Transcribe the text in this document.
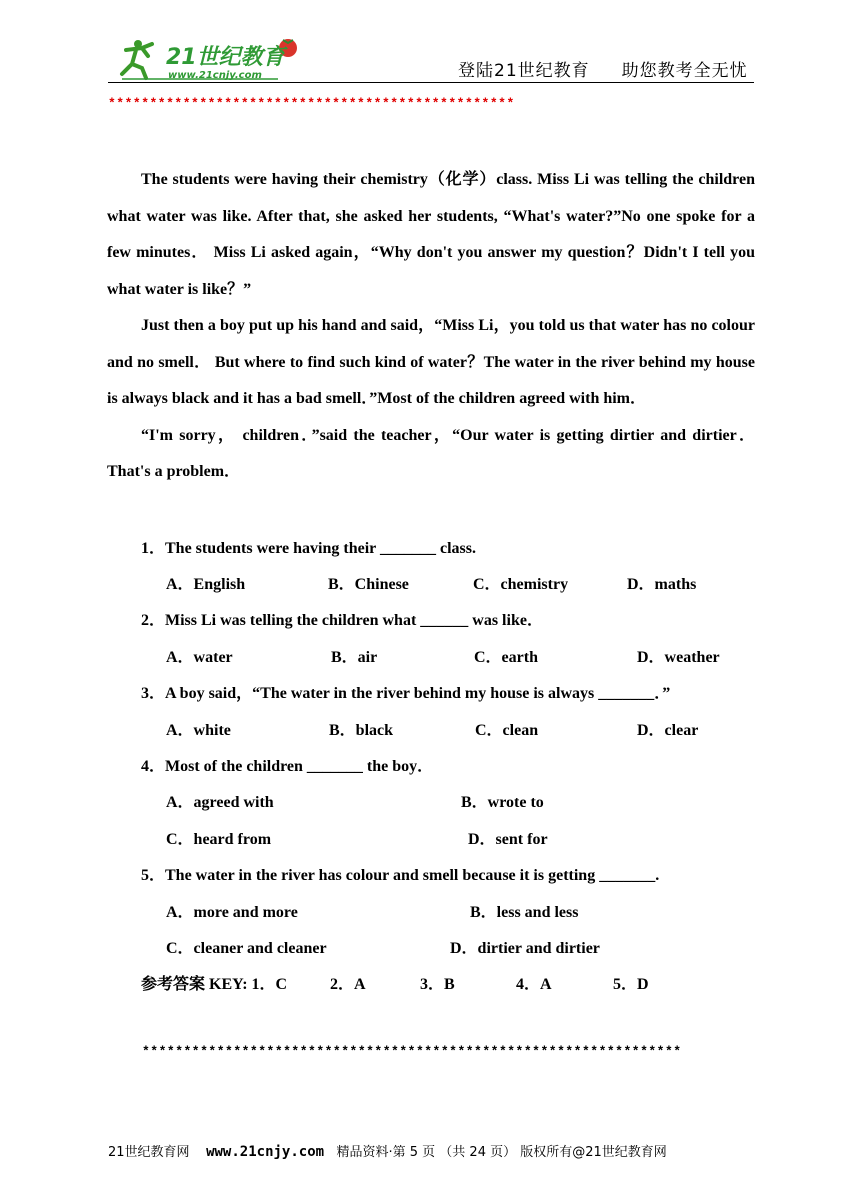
21世纪教育
www.21cnjy.com	登陆21世纪教育 助您教考全无忧
*************************************************

The students were having their chemistry（化学）class. Miss Li was telling the children what water was like. After that, she asked her students, “What's water?”No one spoke for a few minutes． Miss Li asked again，“Why don't you answer my question？Didn't I tell you what water is like？”

Just then a boy put up his hand and said，“Miss Li，you told us that water has no colour and no smell． But where to find such kind of water？The water in the river behind my house is always black and it has a bad smell．”Most of the children agreed with him．

“I'm sorry， children．”said the teacher，“Our water is getting dirtier and dirtier．That's a problem．

1．The students were having their _______ class.
A．English	B．Chinese	C．chemistry	D．maths
2．Miss Li was telling the children what ______ was like．
A．water	B．air	C．earth	D．weather
3．A boy said，“The water in the river behind my house is always _______．”
A．white	B．black	C．clean	D．clear
4．Most of the children _______ the boy．
A．agreed with	B．wrote to
C．heard from	D．sent for
5．The water in the river has colour and smell because it is getting _______.
A．more and more	B．less and less
C．cleaner and cleaner	D．dirtier and dirtier
参考答案 KEY: 1．C	2．A	3．B	4．A	5．D
*****************************************************************
21世纪教育网 www.21cnjy.com 精品资料·第 5 页 （共 24 页） 版权所有@21世纪教育网
